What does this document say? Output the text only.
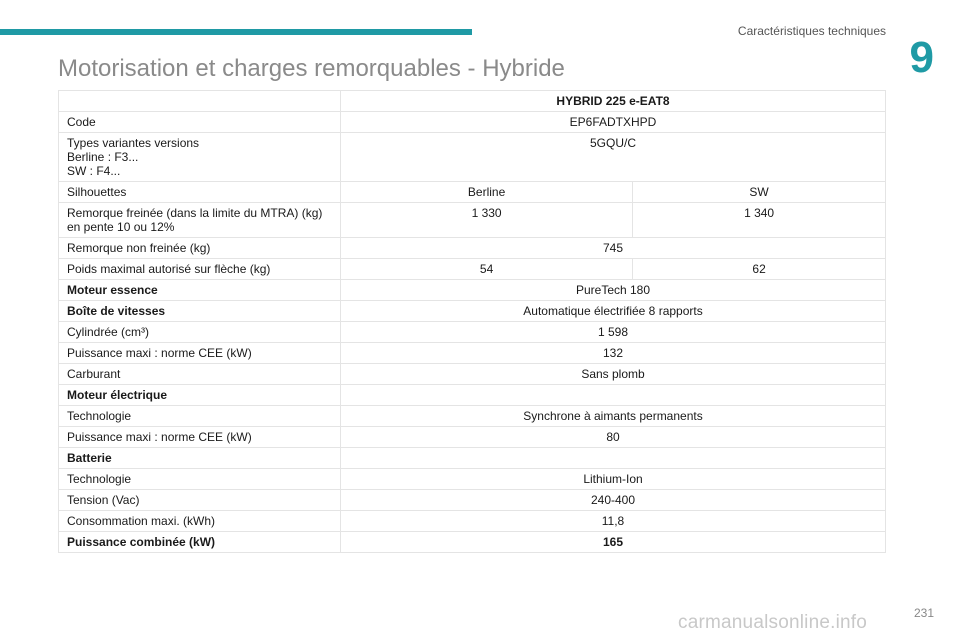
Caractéristiques techniques
9
Motorisation et charges remorquables - Hybride
	HYBRID 225 e-EAT8	
Code	EP6FADTXHPD	

Types variantes versions
Berline : F3...
SW : F4...	5GQU/C	
Silhouettes	Berline	SW

Remorque freinée (dans la limite du MTRA) (kg)
en pente 10 ou 12%	1 330	1 340
Remorque non freinée (kg)	745	
Poids maximal autorisé sur flèche (kg)	54	62
Moteur essence	PureTech 180	
Boîte de vitesses	Automatique électrifiée 8 rapports	
Cylindrée (cm³)	1 598	
Puissance maxi : norme CEE (kW)	132	
Carburant	Sans plomb	
Moteur électrique		
Technologie	Synchrone à aimants permanents	
Puissance maxi : norme CEE (kW)	80	
Batterie		
Technologie	Lithium-Ion	
Tension (Vac)	240-400	
Consommation maxi. (kWh)	11,8	
Puissance combinée (kW)	165	
231
carmanualsonline.info
